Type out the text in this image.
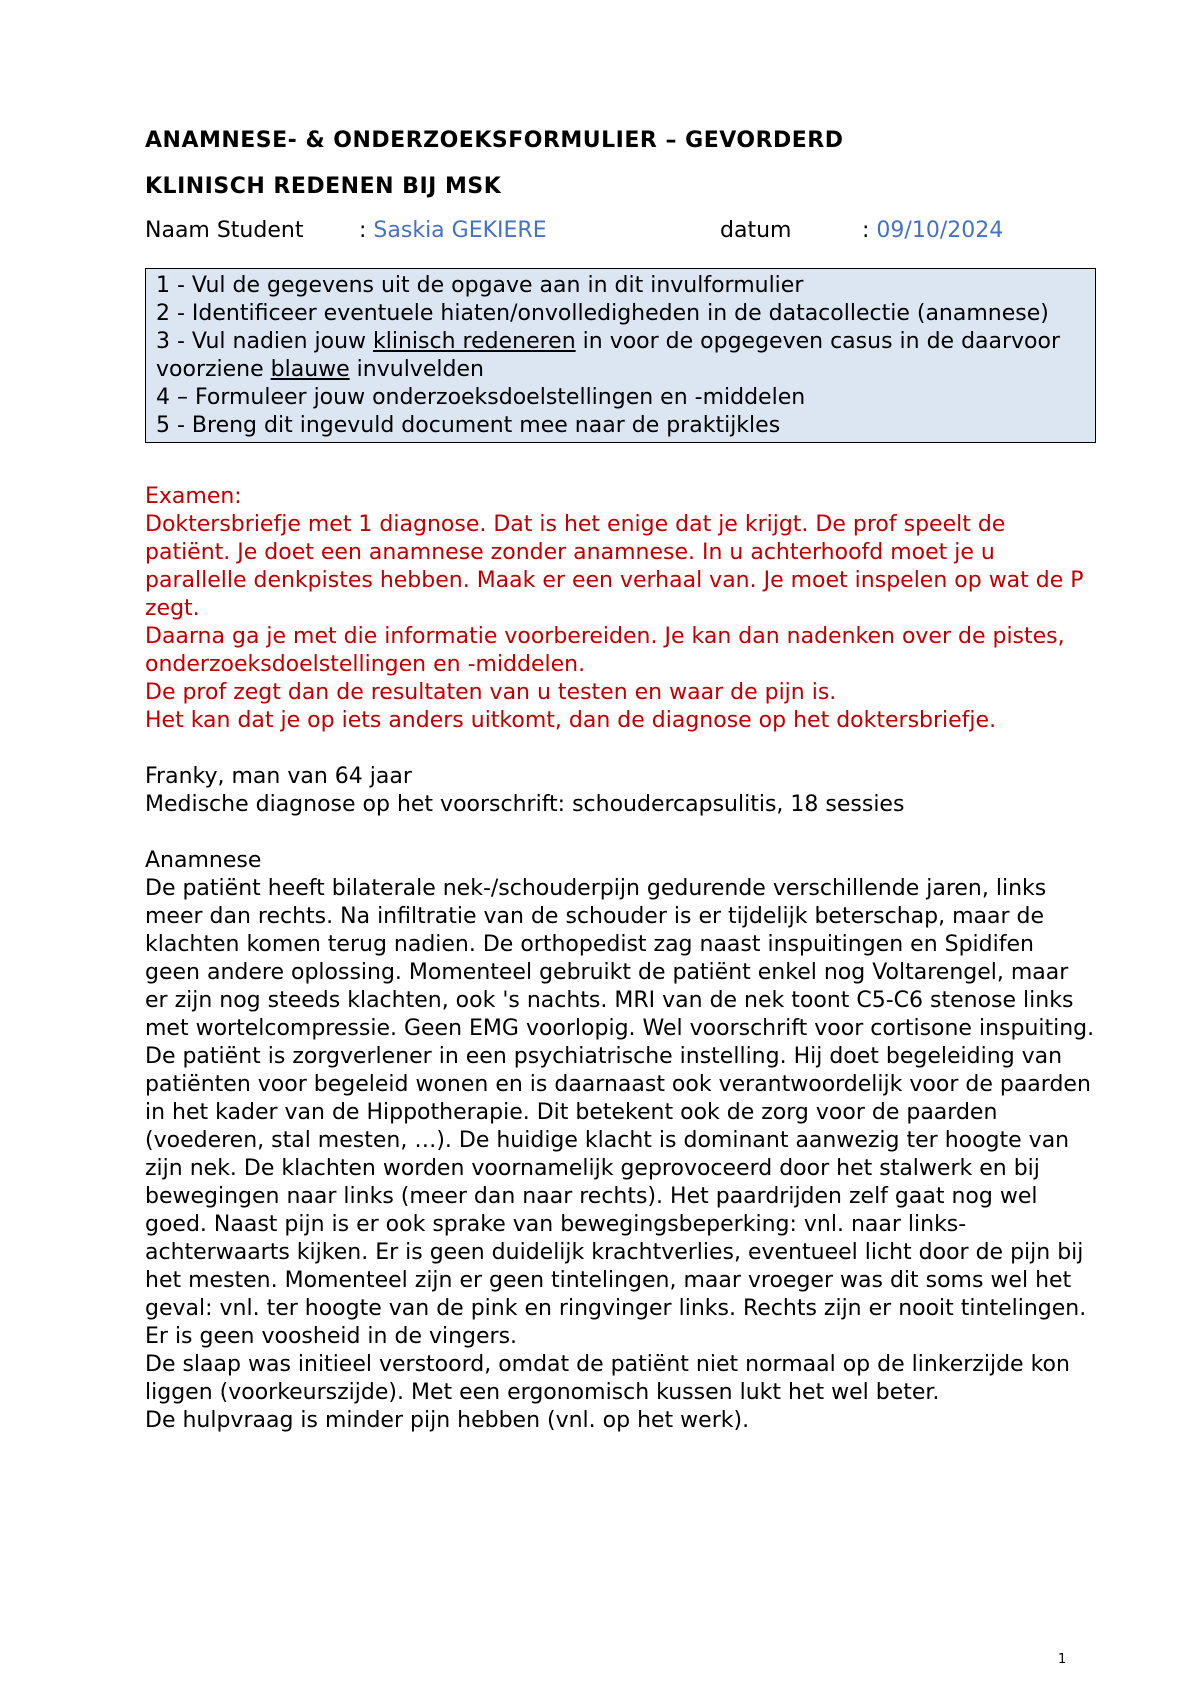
ANAMNESE- & ONDERZOEKSFORMULIER – GEVORDERD
KLINISCH REDENEN BIJ MSK
Naam Student	: Saskia GEKIERE	datum	: 09/10/2024
1 - Vul de gegevens uit de opgave aan in dit invulformulier
2 - Identificeer eventuele hiaten/onvolledigheden in de datacollectie (anamnese)
3 - Vul nadien jouw klinisch redeneren in voor de opgegeven casus in de daarvoor voorziene blauwe invulvelden
4 – Formuleer jouw onderzoeksdoelstellingen en -middelen
5 - Breng dit ingevuld document mee naar de praktijkles

Examen:

Doktersbriefje met 1 diagnose. Dat is het enige dat je krijgt. De prof speelt de patiënt. Je doet een anamnese zonder anamnese. In u achterhoofd moet je u parallelle denkpistes hebben. Maak er een verhaal van. Je moet inspelen op wat de P zegt.

Daarna ga je met die informatie voorbereiden. Je kan dan nadenken over de pistes, onderzoeksdoelstellingen en -middelen.

De prof zegt dan de resultaten van u testen en waar de pijn is.

Het kan dat je op iets anders uitkomt, dan de diagnose op het doktersbriefje.

Franky, man van 64 jaar

Medische diagnose op het voorschrift: schoudercapsulitis, 18 sessies

Anamnese

De patiënt heeft bilaterale nek-/schouderpijn gedurende verschillende jaren, links meer dan rechts. Na infiltratie van de schouder is er tijdelijk beterschap, maar de klachten komen terug nadien. De orthopedist zag naast inspuitingen en Spidifen geen andere oplossing. Momenteel gebruikt de patiënt enkel nog Voltarengel, maar er zijn nog steeds klachten, ook 's nachts. MRI van de nek toont C5-C6 stenose links met wortelcompressie. Geen EMG voorlopig. Wel voorschrift voor cortisone inspuiting. De patiënt is zorgverlener in een psychiatrische instelling. Hij doet begeleiding van patiënten voor begeleid wonen en is daarnaast ook verantwoordelijk voor de paarden in het kader van de Hippotherapie. Dit betekent ook de zorg voor de paarden (voederen, stal mesten, …). De huidige klacht is dominant aanwezig ter hoogte van zijn nek. De klachten worden voornamelijk geprovoceerd door het stalwerk en bij bewegingen naar links (meer dan naar rechts). Het paardrijden zelf gaat nog wel goed. Naast pijn is er ook sprake van bewegingsbeperking: vnl. naar links-achterwaarts kijken. Er is geen duidelijk krachtverlies, eventueel licht door de pijn bij het mesten. Momenteel zijn er geen tintelingen, maar vroeger was dit soms wel het geval: vnl. ter hoogte van de pink en ringvinger links. Rechts zijn er nooit tintelingen. Er is geen voosheid in de vingers.

De slaap was initieel verstoord, omdat de patiënt niet normaal op de linkerzijde kon liggen (voorkeurszijde). Met een ergonomisch kussen lukt het wel beter.

De hulpvraag is minder pijn hebben (vnl. op het werk).

1
